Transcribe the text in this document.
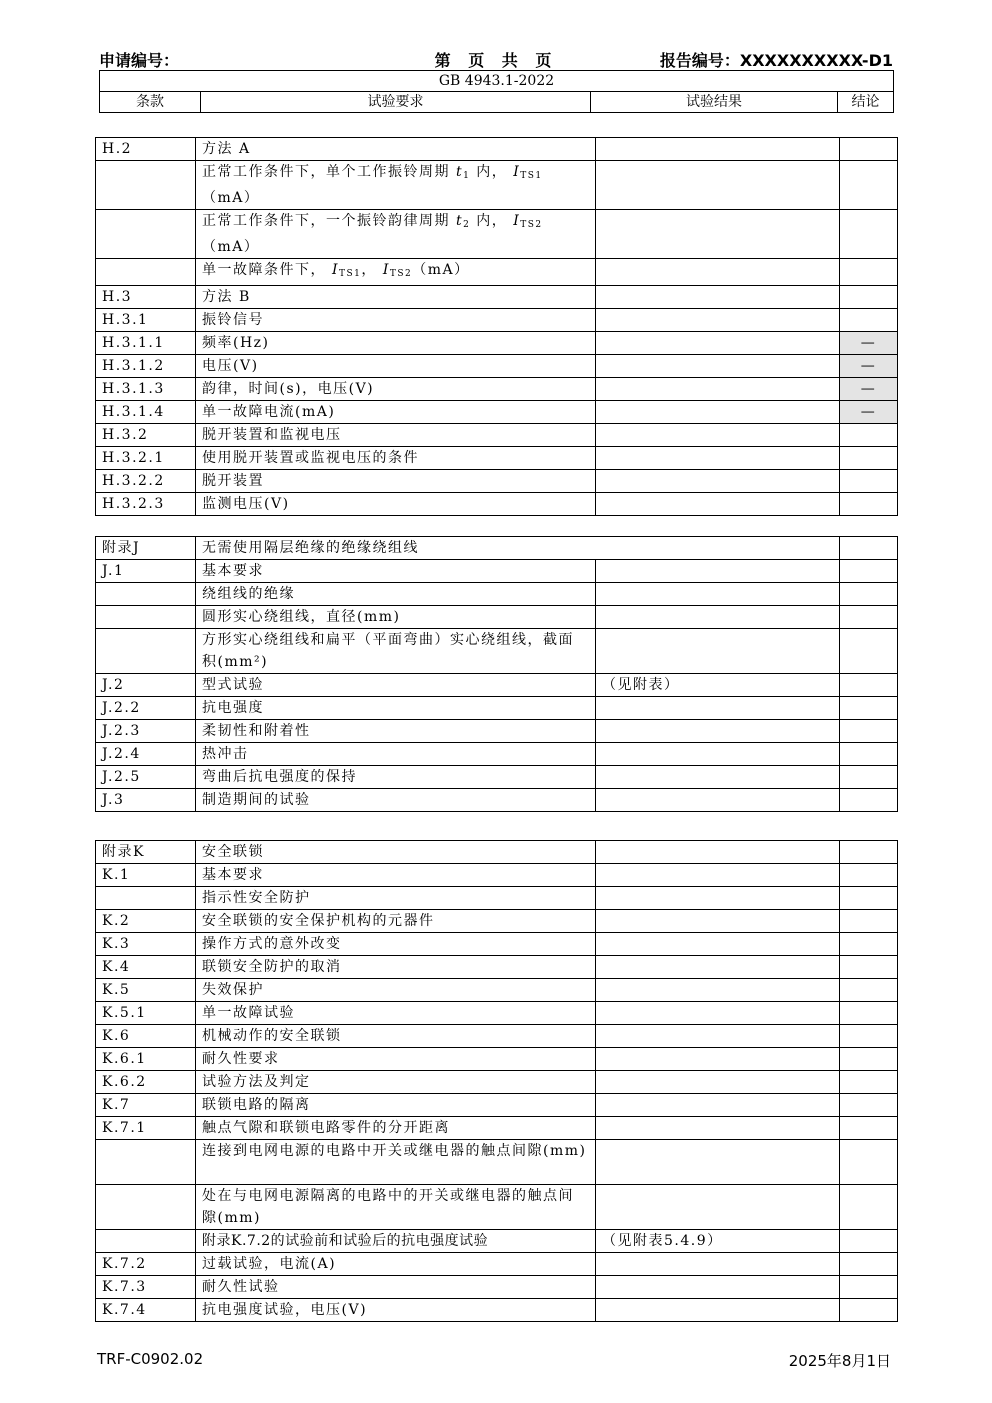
申请编号：	第 页 共 页	报告编号：XXXXXXXXXX-D1
GB 4943.1-2022
条款	试验要求	试验结果	结论
H.2	方法 A		
	正常工作条件下，单个工作振铃周期 $t_1$ 内， $I_{TS1}(mA)$		
	正常工作条件下，一个振铃韵律周期 $t_2$ 内， $I_{TS2}(mA)$		
	单一故障条件下， $I_{TS1}$， $I_{TS2}(mA)$		
H.3	方法 B		
H.3.1	振铃信号		
H.3.1.1	频率(Hz)		—
H.3.1.2	电压(V)		—
H.3.1.3	韵律，时间(s)，电压(V)		—
H.3.1.4	单一故障电流(mA)		—
H.3.2	脱开装置和监视电压		
H.3.2.1	使用脱开装置或监视电压的条件		
H.3.2.2	脱开装置		
H.3.2.3	监测电压(V)		
附录J	无需使用隔层绝缘的绝缘绕组线		
J.1	基本要求		
	绕组线的绝缘		
	圆形实心绕组线，直径(mm)		
	方形实心绕组线和扁平（平面弯曲）实心绕组线，截面积(mm²)		
J.2	型式试验	（见附表）	
J.2.2	抗电强度		
J.2.3	柔韧性和附着性		
J.2.4	热冲击		
J.2.5	弯曲后抗电强度的保持		
J.3	制造期间的试验		
附录K	安全联锁		
K.1	基本要求		
	指示性安全防护		
K.2	安全联锁的安全保护机构的元器件		
K.3	操作方式的意外改变		
K.4	联锁安全防护的取消		
K.5	失效保护		
K.5.1	单一故障试验		
K.6	机械动作的安全联锁		
K.6.1	耐久性要求		
K.6.2	试验方法及判定		
K.7	联锁电路的隔离		
K.7.1	触点气隙和联锁电路零件的分开距离		
	连接到电网电源的电路中开关或继电器的触点间隙(mm)		
	处在与电网电源隔离的电路中的开关或继电器的触点间隙(mm)		
	附录K.7.2的试验前和试验后的抗电强度试验	（见附表5.4.9）	
K.7.2	过载试验，电流(A)		
K.7.3	耐久性试验		
K.7.4	抗电强度试验，电压(V)		
TRF-C0902.02	2025年8月1日
